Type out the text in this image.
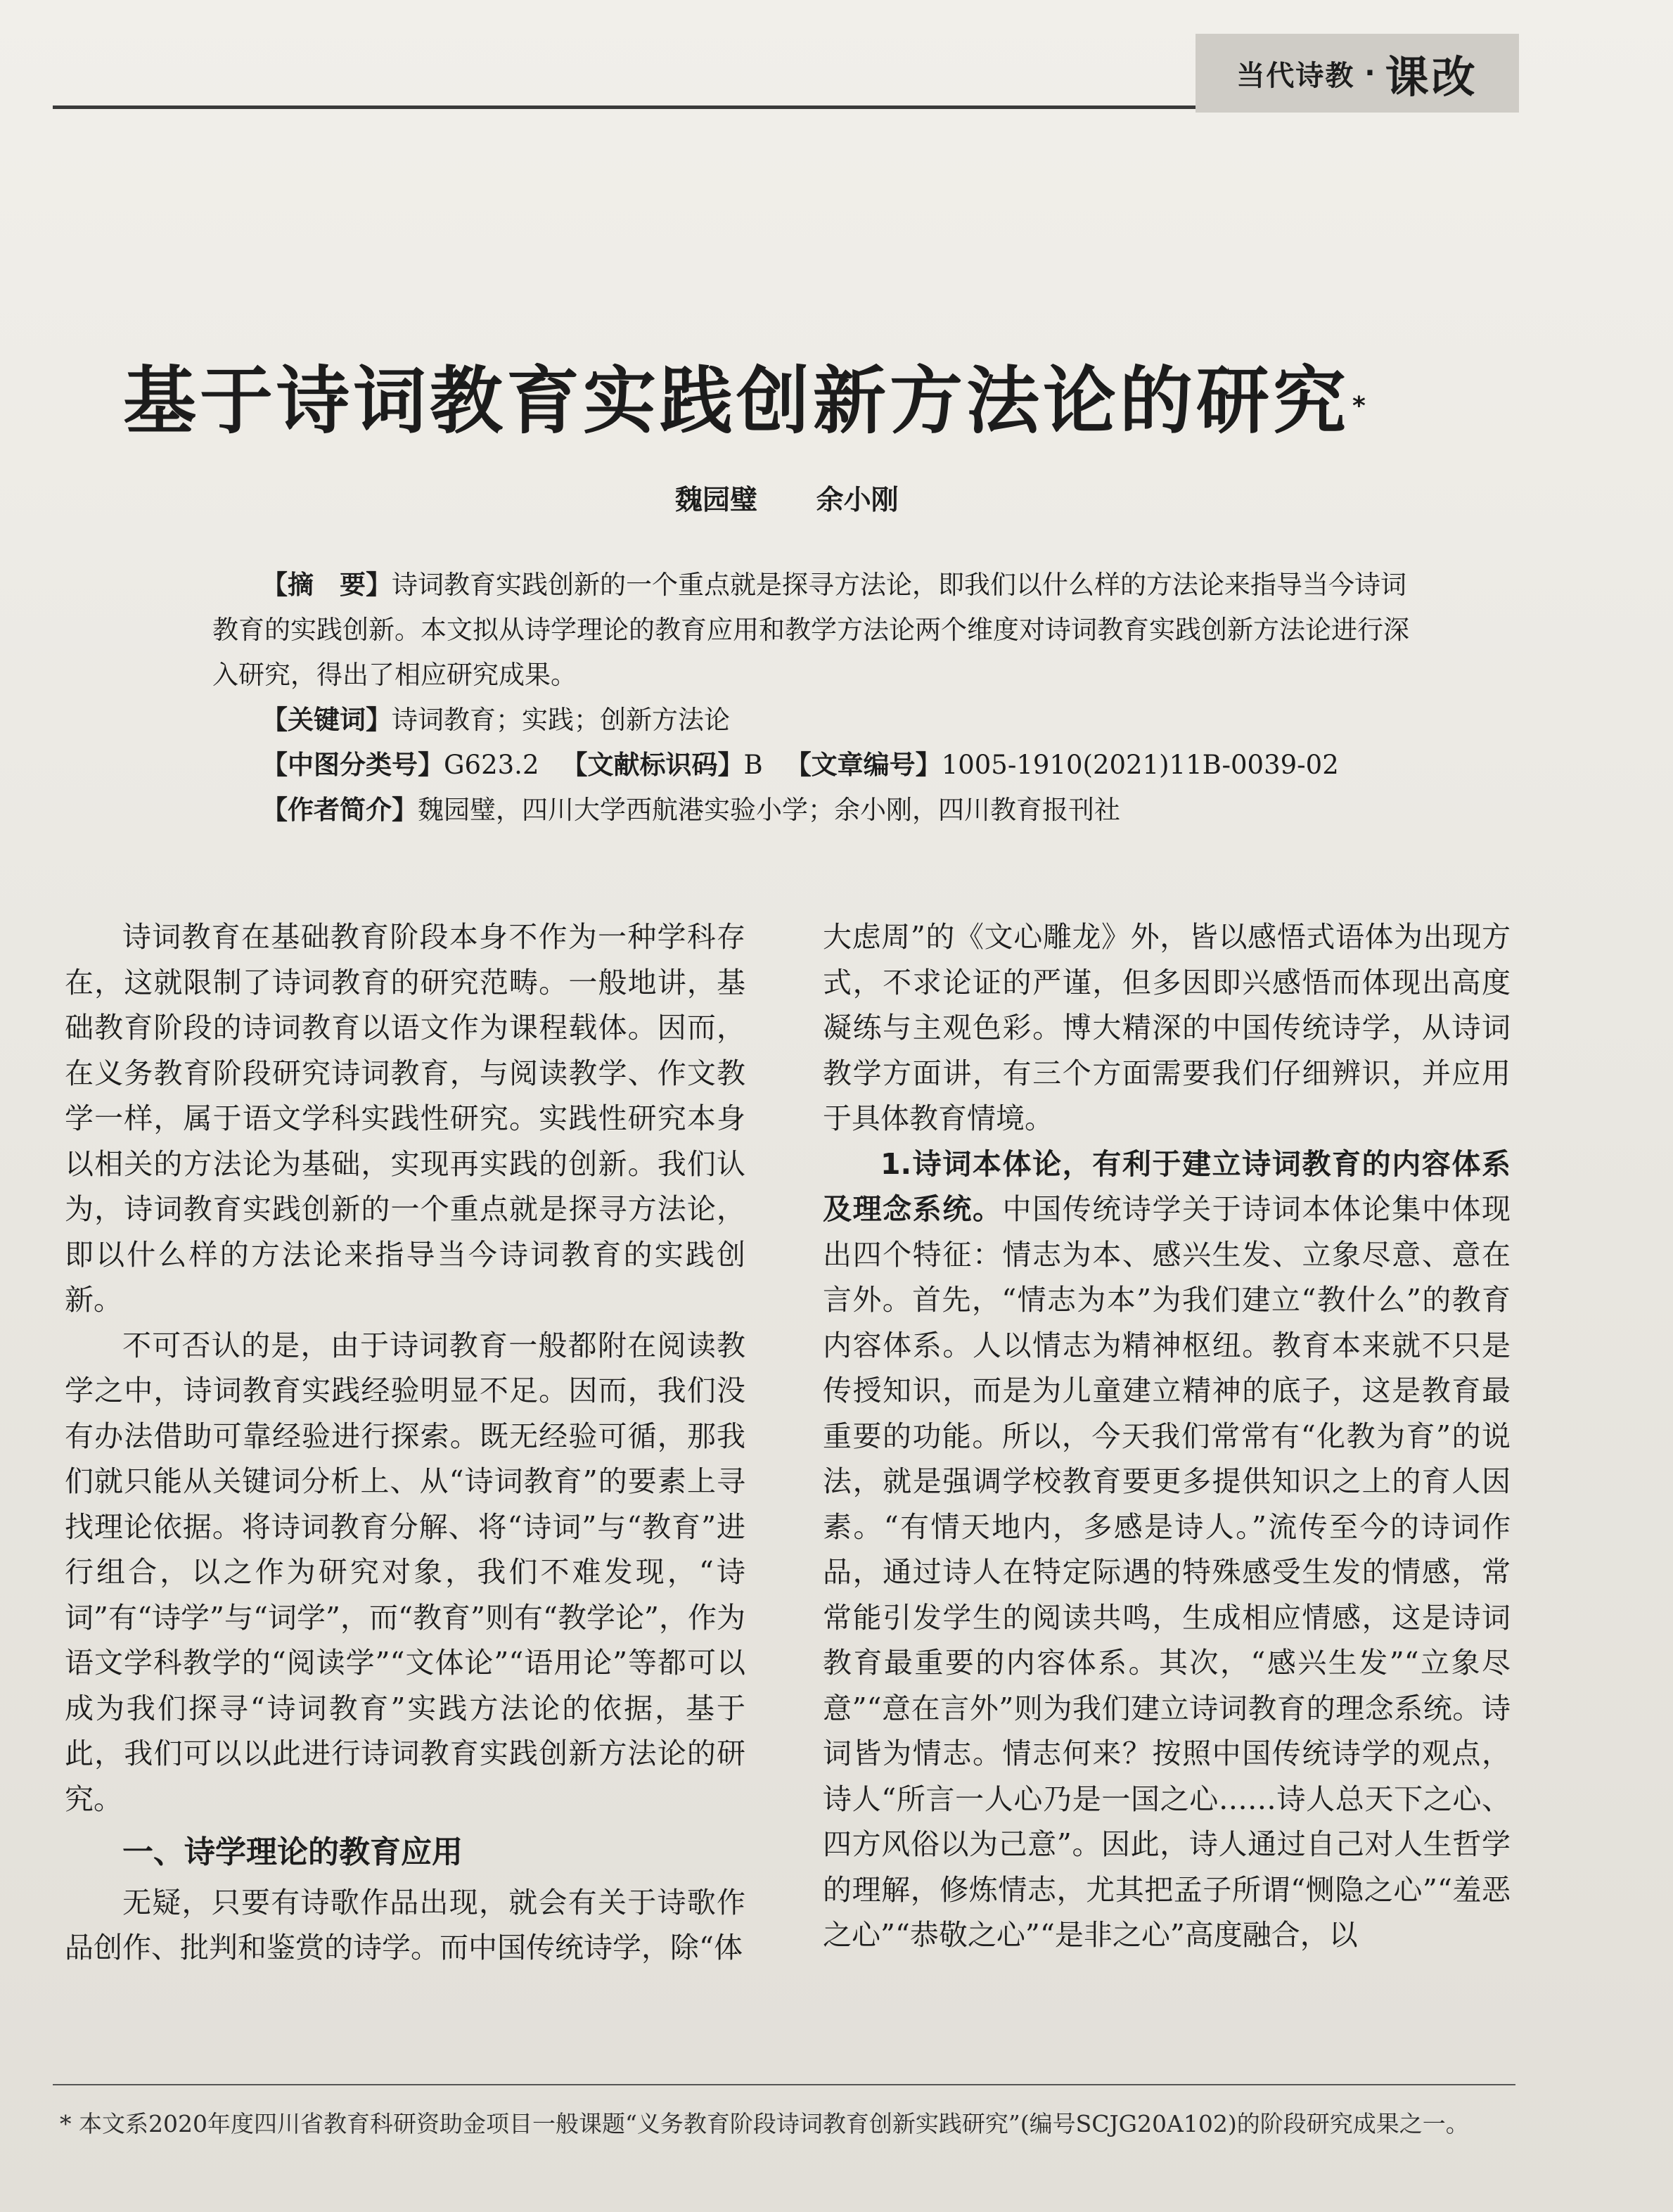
当代诗教 · 课改
基于诗词教育实践创新方法论的研究 *
魏园璧 余小刚

【摘　要】诗词教育实践创新的一个重点就是探寻方法论，即我们以什么样的方法论来指导当今诗词教育的实践创新。本文拟从诗学理论的教育应用和教学方法论两个维度对诗词教育实践创新方法论进行深入研究，得出了相应研究成果。

【关键词】诗词教育；实践；创新方法论

【中图分类号】G623.2 【文献标识码】B 【文章编号】1005-1910(2021)11B-0039-02

【作者简介】魏园璧，四川大学西航港实验小学；余小刚，四川教育报刊社

诗词教育在基础教育阶段本身不作为一种学科存在，这就限制了诗词教育的研究范畴。一般地讲，基础教育阶段的诗词教育以语文作为课程载体。因而，在义务教育阶段研究诗词教育，与阅读教学、作文教学一样，属于语文学科实践性研究。实践性研究本身以相关的方法论为基础，实现再实践的创新。我们认为，诗词教育实践创新的一个重点就是探寻方法论，即以什么样的方法论来指导当今诗词教育的实践创新。

不可否认的是，由于诗词教育一般都附在阅读教学之中，诗词教育实践经验明显不足。因而，我们没有办法借助可靠经验进行探索。既无经验可循，那我们就只能从关键词分析上、从“诗词教育”的要素上寻找理论依据。将诗词教育分解、将“诗词”与“教育”进行组合，以之作为研究对象，我们不难发现，“诗词”有“诗学”与“词学”，而“教育”则有“教学论”，作为语文学科教学的“阅读学”“文体论”“语用论”等都可以成为我们探寻“诗词教育”实践方法论的依据，基于此，我们可以以此进行诗词教育实践创新方法论的研究。

一、诗学理论的教育应用

无疑，只要有诗歌作品出现，就会有关于诗歌作品创作、批判和鉴赏的诗学。而中国传统诗学，除“体

大虑周”的《文心雕龙》外，皆以感悟式语体为出现方式，不求论证的严谨，但多因即兴感悟而体现出高度凝练与主观色彩。博大精深的中国传统诗学，从诗词教学方面讲，有三个方面需要我们仔细辨识，并应用于具体教育情境。

1.诗词本体论，有利于建立诗词教育的内容体系及理念系统。中国传统诗学关于诗词本体论集中体现出四个特征：情志为本、感兴生发、立象尽意、意在言外。首先，“情志为本”为我们建立“教什么”的教育内容体系。人以情志为精神枢纽。教育本来就不只是传授知识，而是为儿童建立精神的底子，这是教育最重要的功能。所以，今天我们常常有“化教为育”的说法，就是强调学校教育要更多提供知识之上的育人因素。“有情天地内，多感是诗人。”流传至今的诗词作品，通过诗人在特定际遇的特殊感受生发的情感，常常能引发学生的阅读共鸣，生成相应情感，这是诗词教育最重要的内容体系。其次，“感兴生发”“立象尽意”“意在言外”则为我们建立诗词教育的理念系统。诗词皆为情志。情志何来？按照中国传统诗学的观点，诗人“所言一人心乃是一国之心……诗人总天下之心、四方风俗以为己意”。因此，诗人通过自己对人生哲学的理解，修炼情志，尤其把孟子所谓“恻隐之心”“羞恶之心”“恭敬之心”“是非之心”高度融合，以

* 本文系2020年度四川省教育科研资助金项目一般课题“义务教育阶段诗词教育创新实践研究”(编号SCJG20A102)的阶段研究成果之一。
